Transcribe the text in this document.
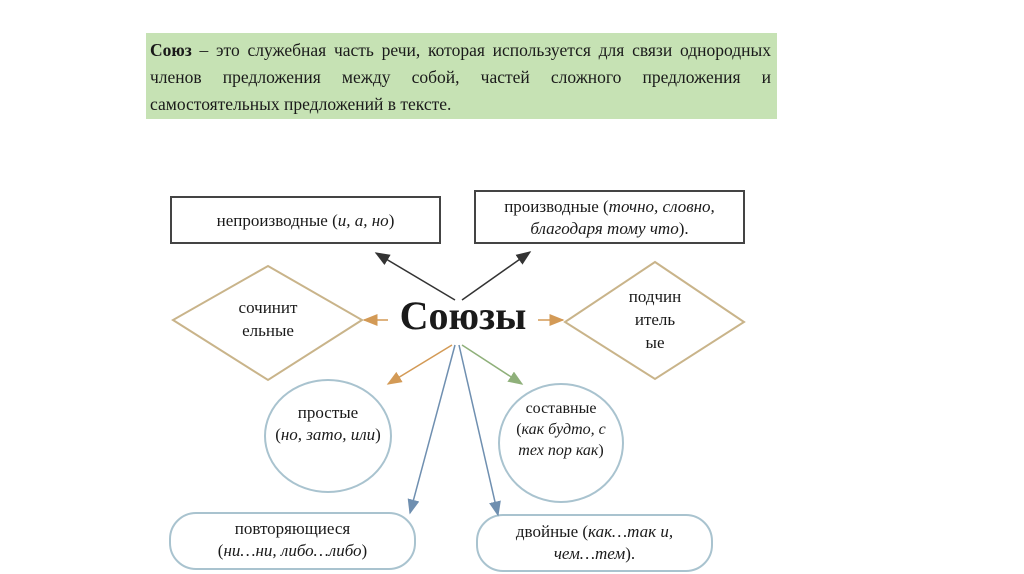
Союз – это служебная часть речи, которая используется для связи однородных членов предложения между собой, частей сложного предложения и самостоятельных предложений в тексте.
непроизводные (и, а, но)
производные (точно, словно, благодаря тому что).
Союзы
сочинит
ельные
подчин
итель
ые
простые
(но, зато, или)
составные
(как будто, с тех пор как)
повторяющиеся
(ни…ни, либо…либо)
двойные (как…так и, чем…тем).
